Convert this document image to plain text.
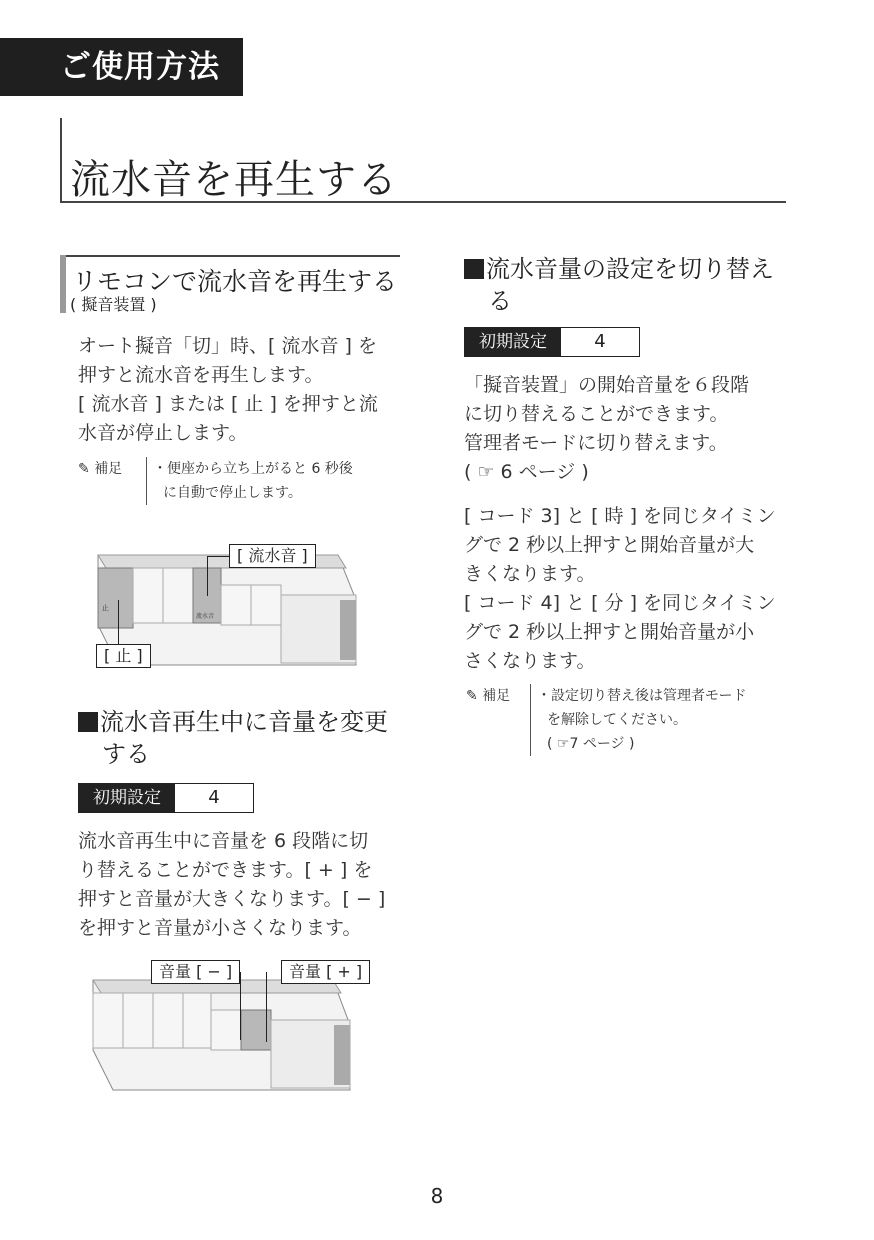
ご使用方法
流水音を再生する
リモコンで流水音を再生する
( 擬音装置 )
オート擬音「切」時、[ 流水音 ] を
押すと流水音を再生します。
[ 流水音 ] または [ 止 ] を押すと流
水音が停止します。
✎ 補足	・便座から立ち上がると 6 秒後
に自動で停止します。
止
流水音
[ 流水音 ]
[ 止 ]
流水音再生中に音量を変更
する
初期設定	4
流水音再生中に音量を 6 段階に切
り替えることができます。[ + ] を
押すと音量が大きくなります。[ − ]
を押すと音量が小さくなります。
音量 [ − ]	音量 [ + ]
流水音量の設定を切り替え
る
初期設定	4
「擬音装置」の開始音量を６段階
に切り替えることができます。
管理者モードに切り替えます。
( ☞ 6 ページ )
[ コード 3] と [ 時 ] を同じタイミン
グで 2 秒以上押すと開始音量が大
きくなります。
[ コード 4] と [ 分 ] を同じタイミン
グで 2 秒以上押すと開始音量が小
さくなります。
✎ 補足	・設定切り替え後は管理者モード
を解除してください。
( ☞7 ページ )
8
